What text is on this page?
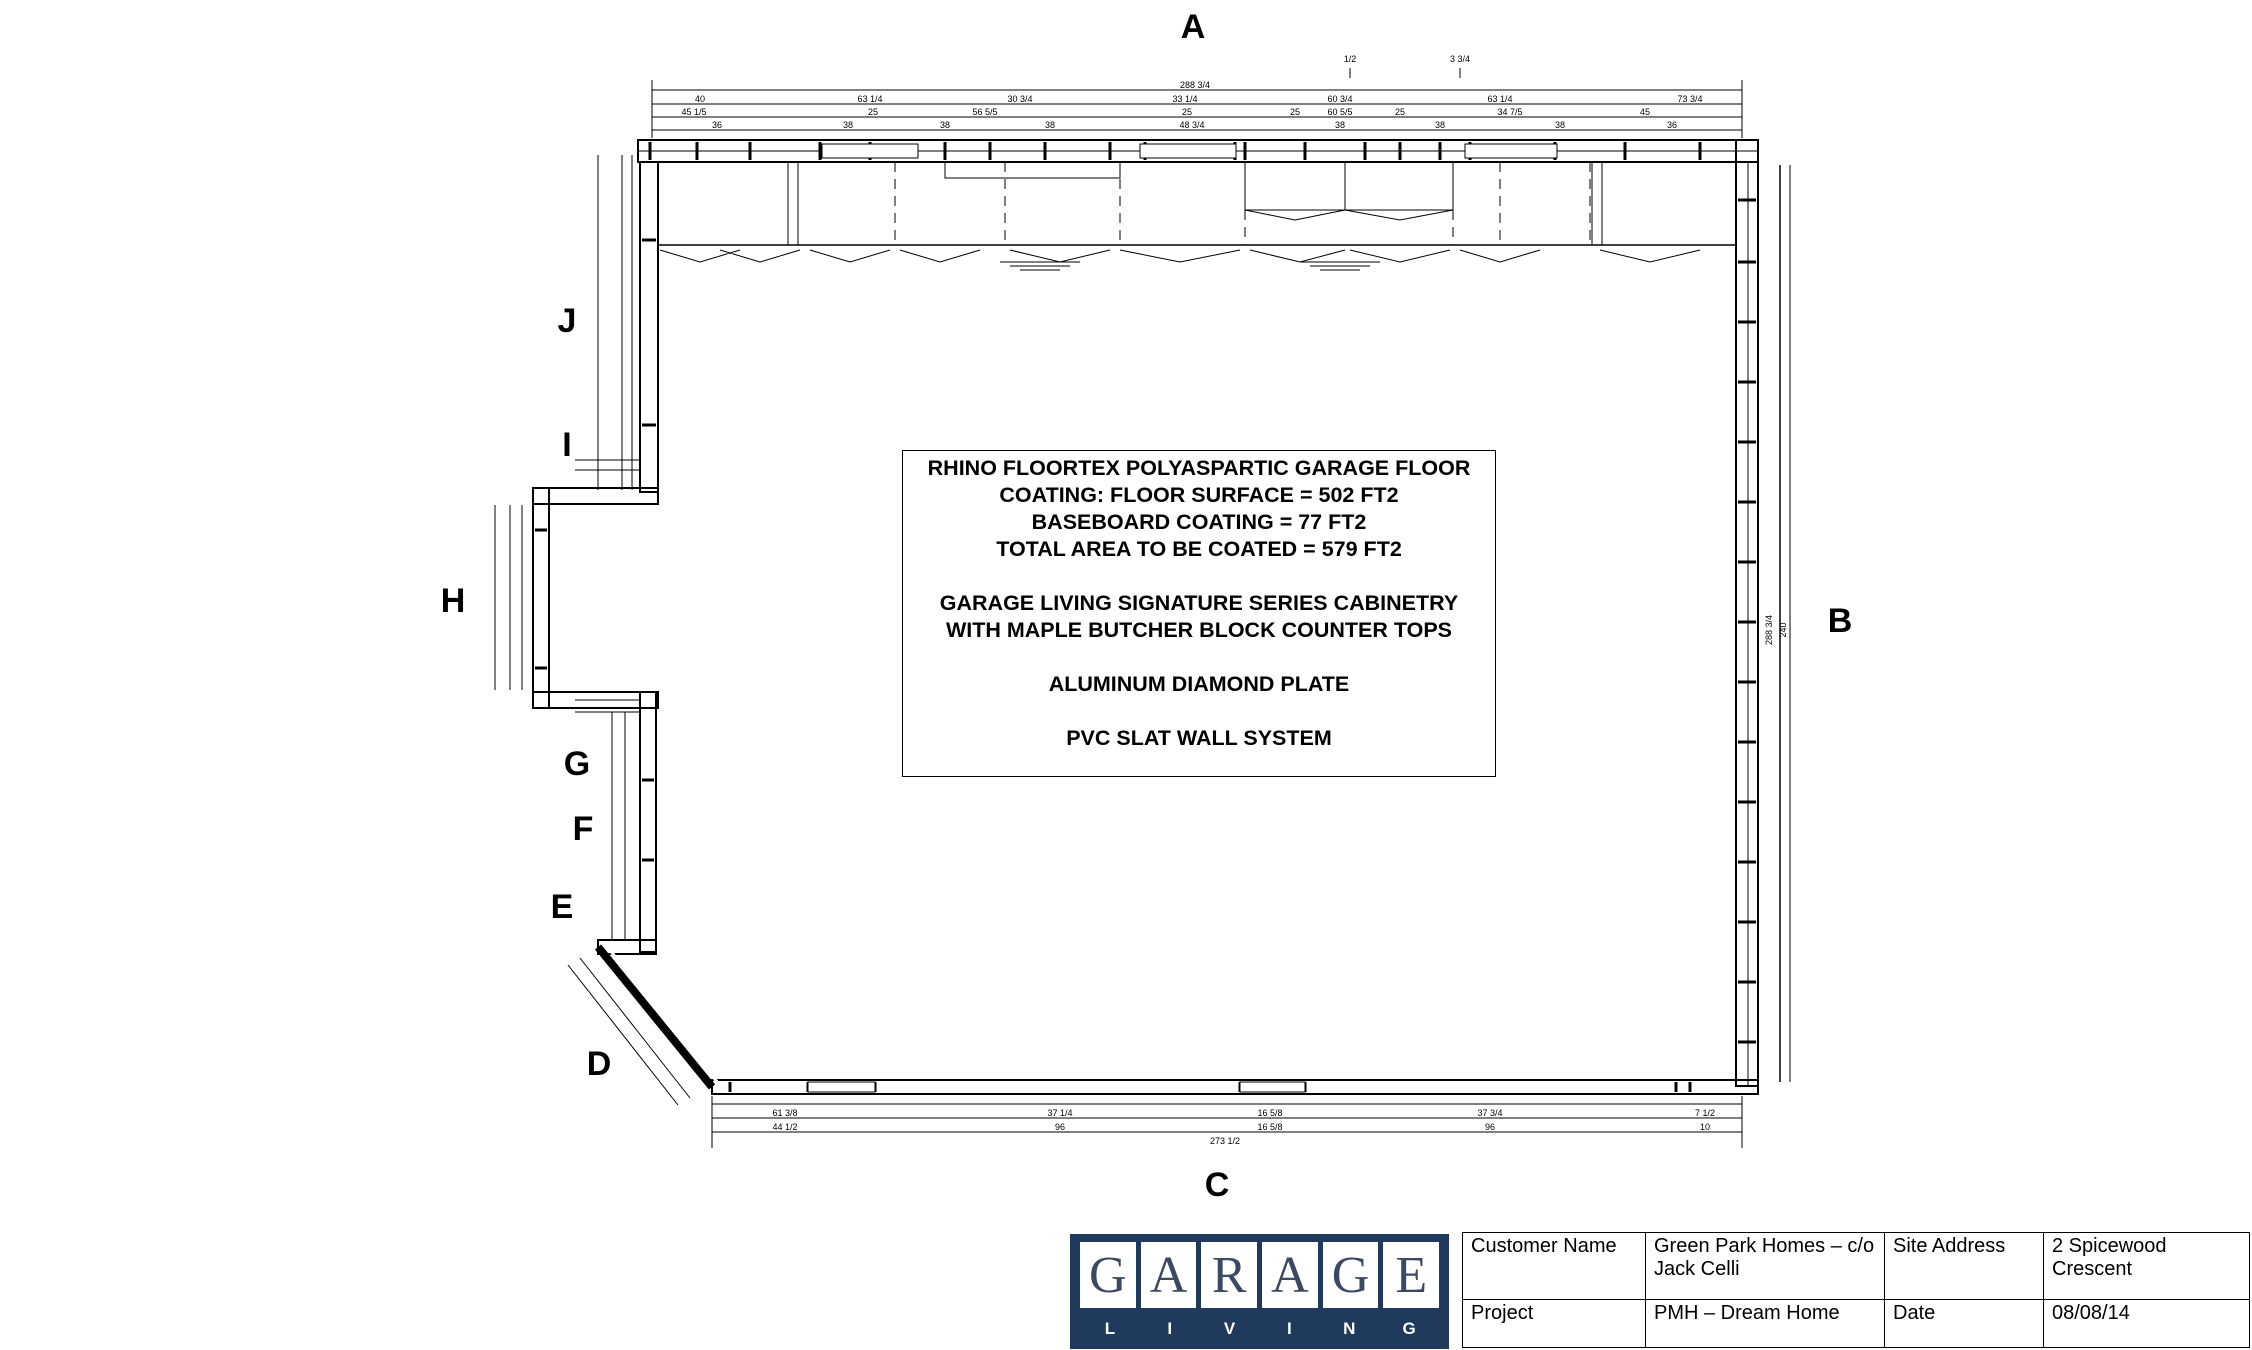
288 3/4
40	63 1/4	30 3/4	33 1/4	60 3/4	63 1/4	73 3/4
45 1/5	25	56 5/5	25	25	60 5/5	25	34 7/5	45
36	38	38	38	48 3/4	38	38	38	36
1/2	3 3/4
61 3/8	37 1/4	16 5/8	37 3/4	7 1/2
44 1/2	96	16 5/8	96	10
273 1/2
288 3/4 240
A
B
C
D
E
F
G
H
I
J
RHINO FLOORTEX POLYASPARTIC GARAGE FLOOR
COATING: FLOOR SURFACE = 502 FT2
BASEBOARD COATING = 77 FT2
TOTAL AREA TO BE COATED = 579 FT2
GARAGE LIVING SIGNATURE SERIES CABINETRY
WITH MAPLE BUTCHER BLOCK COUNTER TOPS
ALUMINUM DIAMOND PLATE
PVC SLAT WALL SYSTEM
G A R A G E
L	I	V	I	N	G
Customer Name	Green Park Homes – c/o Jack Celli	Site Address	2 Spicewood Crescent
Project	PMH – Dream Home	Date	08/08/14
